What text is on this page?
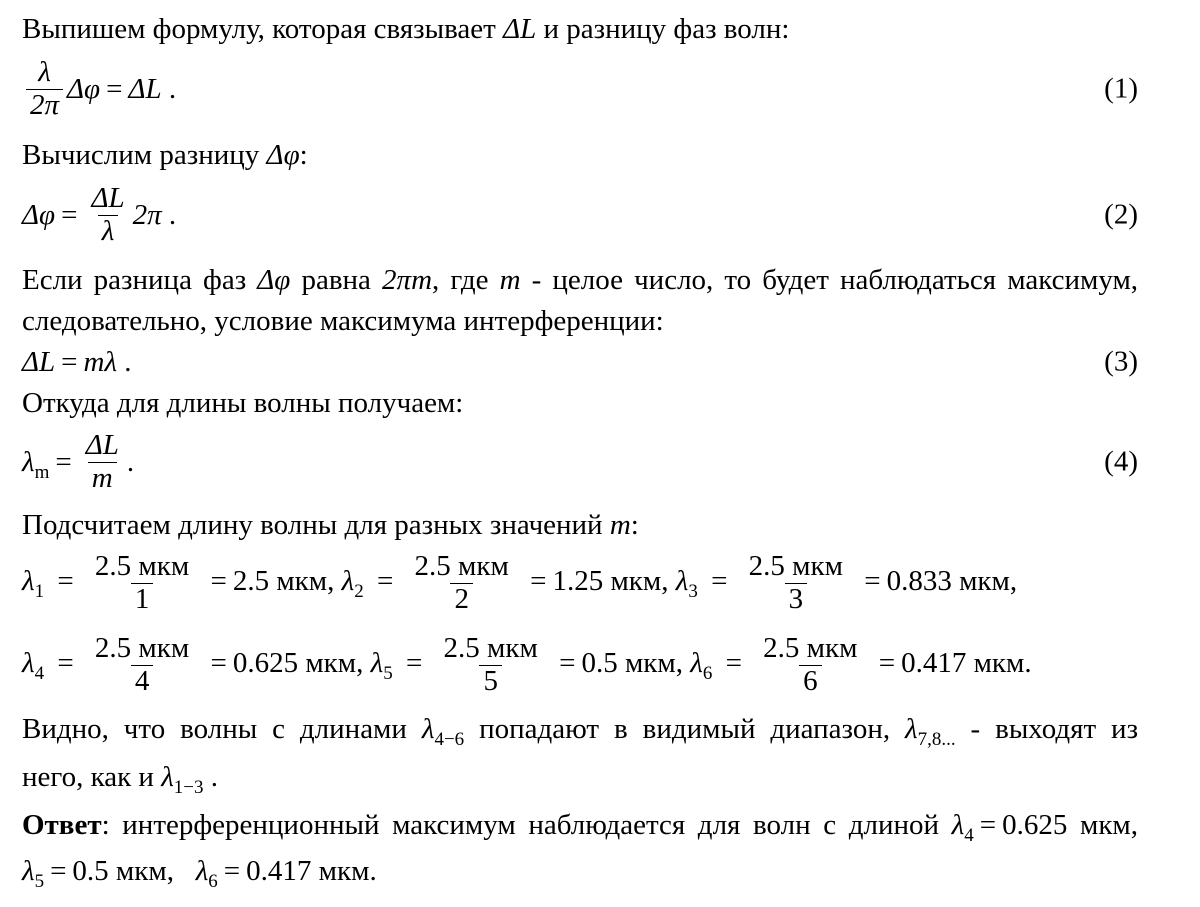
Выпишем формулу, которая связывает ΔL и разницу фаз волн:
$\frac{\lambda}{2\pi}$ Δφ = ΔL .	(1)
Вычислим разницу Δφ:
$\Delta\varphi = \frac{\Delta L}{\lambda} 2\pi$ .	(2)
Если разница фаз Δφ равна 2πm, где m - целое число, то будет наблюдаться максимум,
следовательно, условие максимума интерференции:
ΔL = mλ .	(3)
Откуда для длины волны получаем:
$\lambda_m = \frac{\Delta L}{m}$ .	(4)
Подсчитаем длину волны для разных значений m:
$\lambda_1 = \frac{\text{2.5 мкм}}{1} = 2.5$ мкм,
$\lambda_2 = \frac{\text{2.5 мкм}}{2} = 1.25$ мкм,
$\lambda_3 = \frac{\text{2.5 мкм}}{3} = 0.833$ мкм,
$\lambda_4 = \frac{\text{2.5 мкм}}{4} = 0.625$ мкм,
$\lambda_5 = \frac{\text{2.5 мкм}}{5} = 0.5$ мкм,
$\lambda_6 = \frac{\text{2.5 мкм}}{6} = 0.417$ мкм.
Видно, что волны с длинами $\lambda_{4-6}$ попадают в видимый диапазон, $\lambda_{7,8...}$ - выходят из
него, как и $\lambda_{1-3}$ .
Ответ: интерференционный максимум наблюдается для волн с длиной $\lambda_4 = 0.625$ мкм,
$\lambda_5 = 0.5$ мкм, $\lambda_6 = 0.417$ мкм.
